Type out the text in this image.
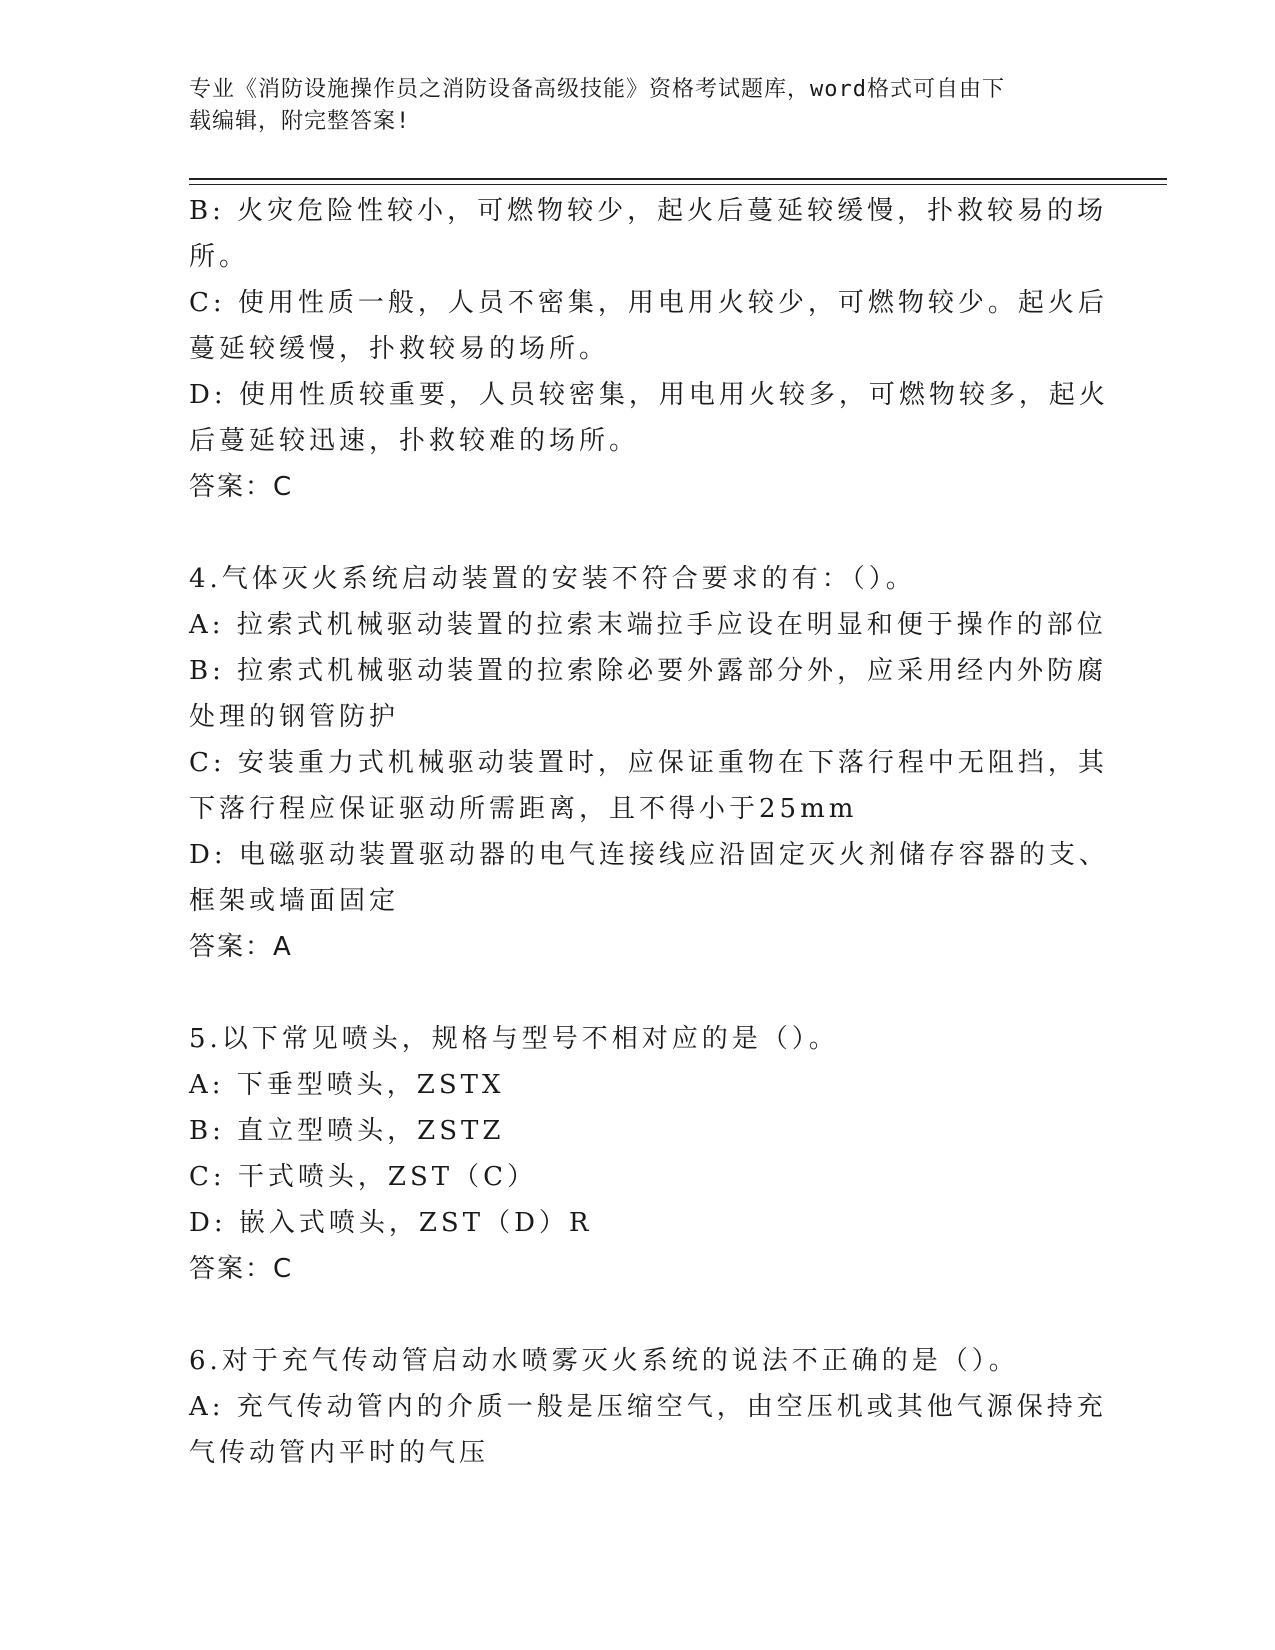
专业《消防设施操作员之消防设备高级技能》资格考试题库，word格式可自由下
载编辑，附完整答案!
B: 火灾危险性较小，可燃物较少，起火后蔓延较缓慢，扑救较易的场
所。
C: 使用性质一般，人员不密集，用电用火较少，可燃物较少。起火后
蔓延较缓慢，扑救较易的场所。
D: 使用性质较重要，人员较密集，用电用火较多，可燃物较多，起火
后蔓延较迅速，扑救较难的场所。
答案：C
4.气体灭火系统启动装置的安装不符合要求的有：（）。
A: 拉索式机械驱动装置的拉索末端拉手应设在明显和便于操作的部位
B: 拉索式机械驱动装置的拉索除必要外露部分外，应采用经内外防腐
处理的钢管防护
C: 安装重力式机械驱动装置时，应保证重物在下落行程中无阻挡，其
下落行程应保证驱动所需距离，且不得小于25mm
D: 电磁驱动装置驱动器的电气连接线应沿固定灭火剂储存容器的支、
框架或墙面固定
答案：A
5.以下常见喷头，规格与型号不相对应的是（）。
A: 下垂型喷头，ZSTX
B: 直立型喷头，ZSTZ
C: 干式喷头，ZST（C）
D: 嵌入式喷头，ZST（D）R
答案：C
6.对于充气传动管启动水喷雾灭火系统的说法不正确的是（）。
A: 充气传动管内的介质一般是压缩空气，由空压机或其他气源保持充
气传动管内平时的气压
